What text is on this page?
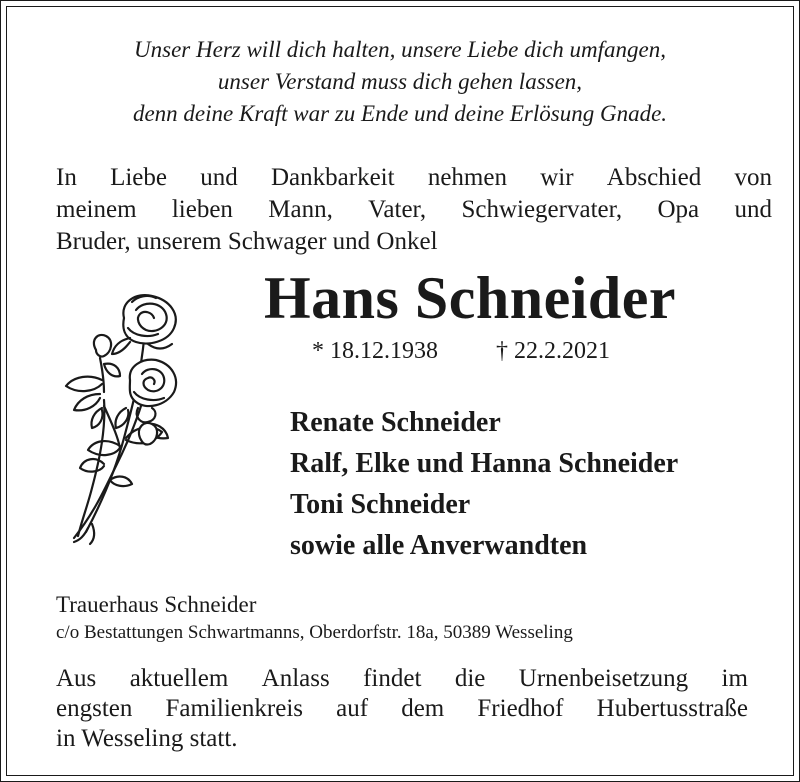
Unser Herz will dich halten, unsere Liebe dich umfangen,
unser Verstand muss dich gehen lassen,
denn deine Kraft war zu Ende und deine Erlösung Gnade.
In Liebe und Dankbarkeit nehmen wir Abschied von
meinem lieben Mann, Vater, Schwiegervater, Opa und
Bruder, unserem Schwager und Onkel
Hans Schneider
* 18.12.1938 † 22.2.2021
Renate Schneider
Ralf, Elke und Hanna Schneider
Toni Schneider
sowie alle Anverwandten
Trauerhaus Schneider
c/o Bestattungen Schwartmanns, Oberdorfstr. 18a, 50389 Wesseling
Aus aktuellem Anlass findet die Urnenbeisetzung im
engsten Familienkreis auf dem Friedhof Hubertusstraße
in Wesseling statt.
